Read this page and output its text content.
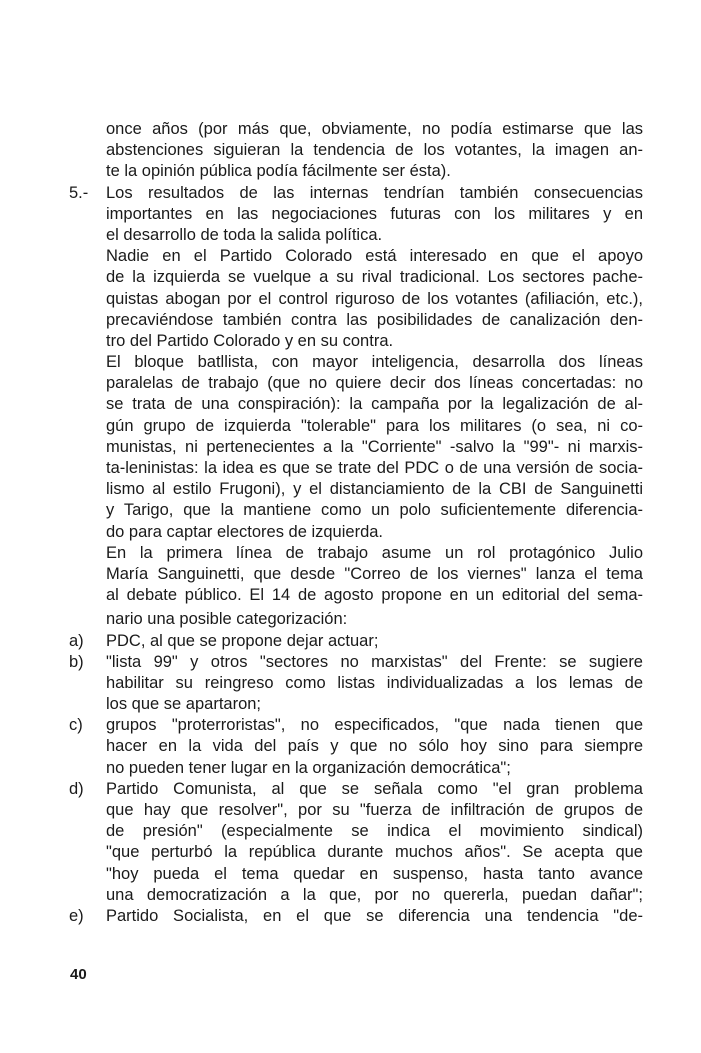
once años (por más que, obviamente, no podía estimarse que las
abstenciones siguieran la tendencia de los votantes, la imagen an-
te la opinión pública podía fácilmente ser ésta).
5.-	Los resultados de las internas tendrían también consecuencias
importantes en las negociaciones futuras con los militares y en
el desarrollo de toda la salida política.
Nadie en el Partido Colorado está interesado en que el apoyo
de la izquierda se vuelque a su rival tradicional. Los sectores pache-
quistas abogan por el control riguroso de los votantes (afiliación, etc.),
precaviéndose también contra las posibilidades de canalización den-
tro del Partido Colorado y en su contra.
El bloque batllista, con mayor inteligencia, desarrolla dos líneas
paralelas de trabajo (que no quiere decir dos líneas concertadas: no
se trata de una conspiración): la campaña por la legalización de al-
gún grupo de izquierda "tolerable" para los militares (o sea, ni co-
munistas, ni pertenecientes a la "Corriente" -salvo la "99"- ni marxis-
ta-leninistas: la idea es que se trate del PDC o de una versión de socia-
lismo al estilo Frugoni), y el distanciamiento de la CBI de Sanguinetti
y Tarigo, que la mantiene como un polo suficientemente diferencia-
do para captar electores de izquierda.
En la primera línea de trabajo asume un rol protagónico Julio
María Sanguinetti, que desde "Correo de los viernes" lanza el tema
al debate público. El 14 de agosto propone en un editorial del sema-
nario una posible categorización:
a)	PDC, al que se propone dejar actuar;
b)	"lista 99" y otros "sectores no marxistas" del Frente: se sugiere
habilitar su reingreso como listas individualizadas a los lemas de
los que se apartaron;
c)	grupos "proterroristas", no especificados, "que nada tienen que
hacer en la vida del país y que no sólo hoy sino para siempre
no pueden tener lugar en la organización democrática";
d)	Partido Comunista, al que se señala como "el gran problema
que hay que resolver", por su "fuerza de infiltración de grupos de
de presión" (especialmente se indica el movimiento sindical)
"que perturbó la república durante muchos años". Se acepta que
"hoy pueda el tema quedar en suspenso, hasta tanto avance
una democratización a la que, por no quererla, puedan dañar";
e)	Partido Socialista, en el que se diferencia una tendencia "de-
40
